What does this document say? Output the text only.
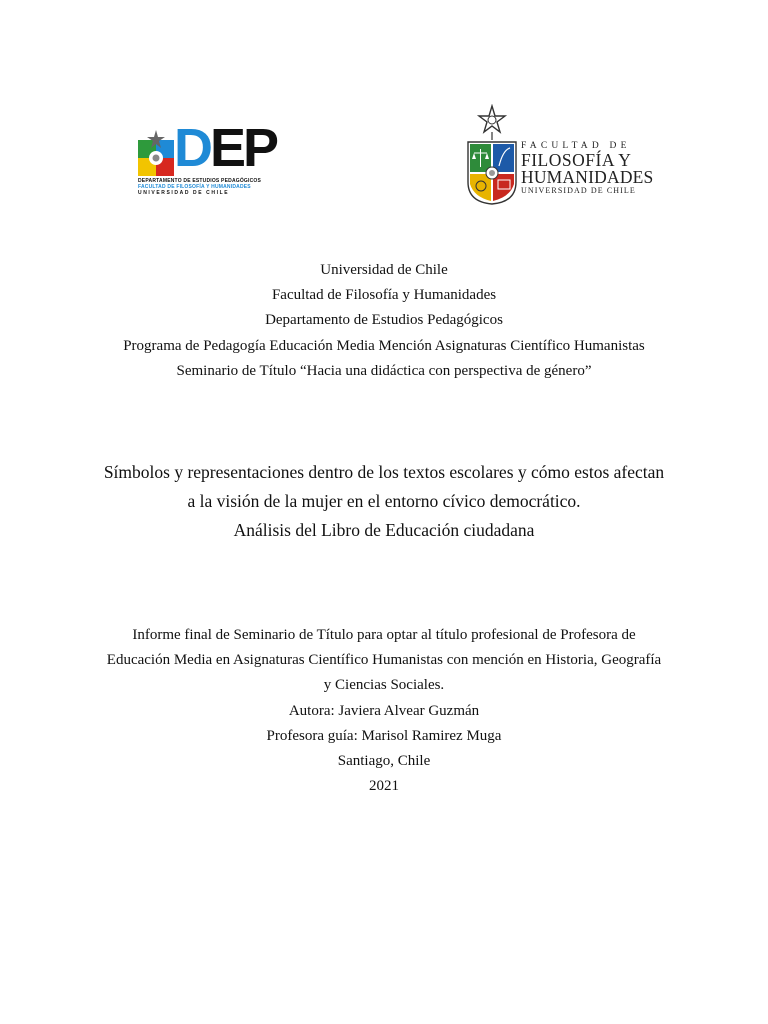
DEP
DEPARTAMENTO DE ESTUDIOS PEDAGÓGICOS
FACULTAD DE FILOSOFÍA Y HUMANIDADES
UNIVERSIDAD DE CHILE
FACULTAD DE
FILOSOFÍA Y
HUMANIDADES
UNIVERSIDAD DE CHILE
Universidad de Chile
Facultad de Filosofía y Humanidades
Departamento de Estudios Pedagógicos
Programa de Pedagogía Educación Media Mención Asignaturas Científico Humanistas
Seminario de Título “Hacia una didáctica con perspectiva de género”
Símbolos y representaciones dentro de los textos escolares y cómo estos afectan
a la visión de la mujer en el entorno cívico democrático.
Análisis del Libro de Educación ciudadana
Informe final de Seminario de Título para optar al título profesional de Profesora de
Educación Media en Asignaturas Científico Humanistas con mención en Historia, Geografía
y Ciencias Sociales.
Autora: Javiera Alvear Guzmán
Profesora guía: Marisol Ramirez Muga
Santiago, Chile
2021
